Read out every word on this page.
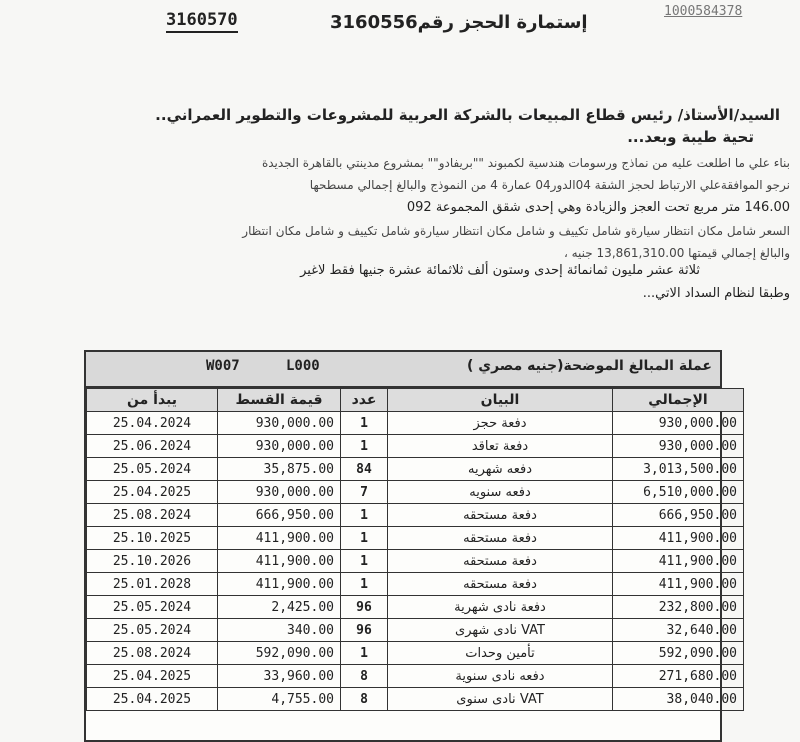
1000584378
3160570	إستمارة الحجز رقم3160556
السيد/الأستاذ/ رئيس قطاع المبيعات بالشركة العربية للمشروعات والتطوير العمراني..
تحية طيبة وبعد...
بناء علي ما اطلعت عليه من نماذج ورسومات هندسية لكمبوند ""بريفادو"" بمشروع مدينتي بالقاهرة الجديدة
نرجو الموافقةعلي الارتباط لحجز الشقة 04الدور04 عمارة 4 من النموذج والبالغ إجمالي مسطحها
146.00 متر مربع تحت العجز والزيادة وهي إحدى شقق المجموعة 092
السعر شامل مكان انتظار سيارةو شامل تكييف و شامل مكان انتظار سيارةو شامل تكييف و شامل مكان انتظار
والبالغ إجمالي قيمتها 13,861,310.00 جنيه ،
ثلاثة عشر مليون ثمانمائة إحدى وستون ألف ثلاثمائة عشرة جنيها فقط لاغير
وطبقا لنظام السداد الاتي...
عملة المبالغ الموضحة(جنيه مصري )
W007	L000
يبدأ من	قيمة القسط	عدد	البيان	الإجمالي
25.04.2024	930,000.00	1	دفعة حجز	930,000.00
25.06.2024	930,000.00	1	دفعة تعاقد	930,000.00
25.05.2024	35,875.00	84	دفعه شهريه	3,013,500.00
25.04.2025	930,000.00	7	دفعه سنويه	6,510,000.00
25.08.2024	666,950.00	1	دفعة مستحقه	666,950.00
25.10.2025	411,900.00	1	دفعة مستحقه	411,900.00
25.10.2026	411,900.00	1	دفعة مستحقه	411,900.00
25.01.2028	411,900.00	1	دفعة مستحقه	411,900.00
25.05.2024	2,425.00	96	دفعة نادى شهرية	232,800.00
25.05.2024	340.00	96	VAT نادى شهرى	32,640.00
25.08.2024	592,090.00	1	تأمين وحدات	592,090.00
25.04.2025	33,960.00	8	دفعه نادى سنوية	271,680.00
25.04.2025	4,755.00	8	VAT نادى سنوى	38,040.00
